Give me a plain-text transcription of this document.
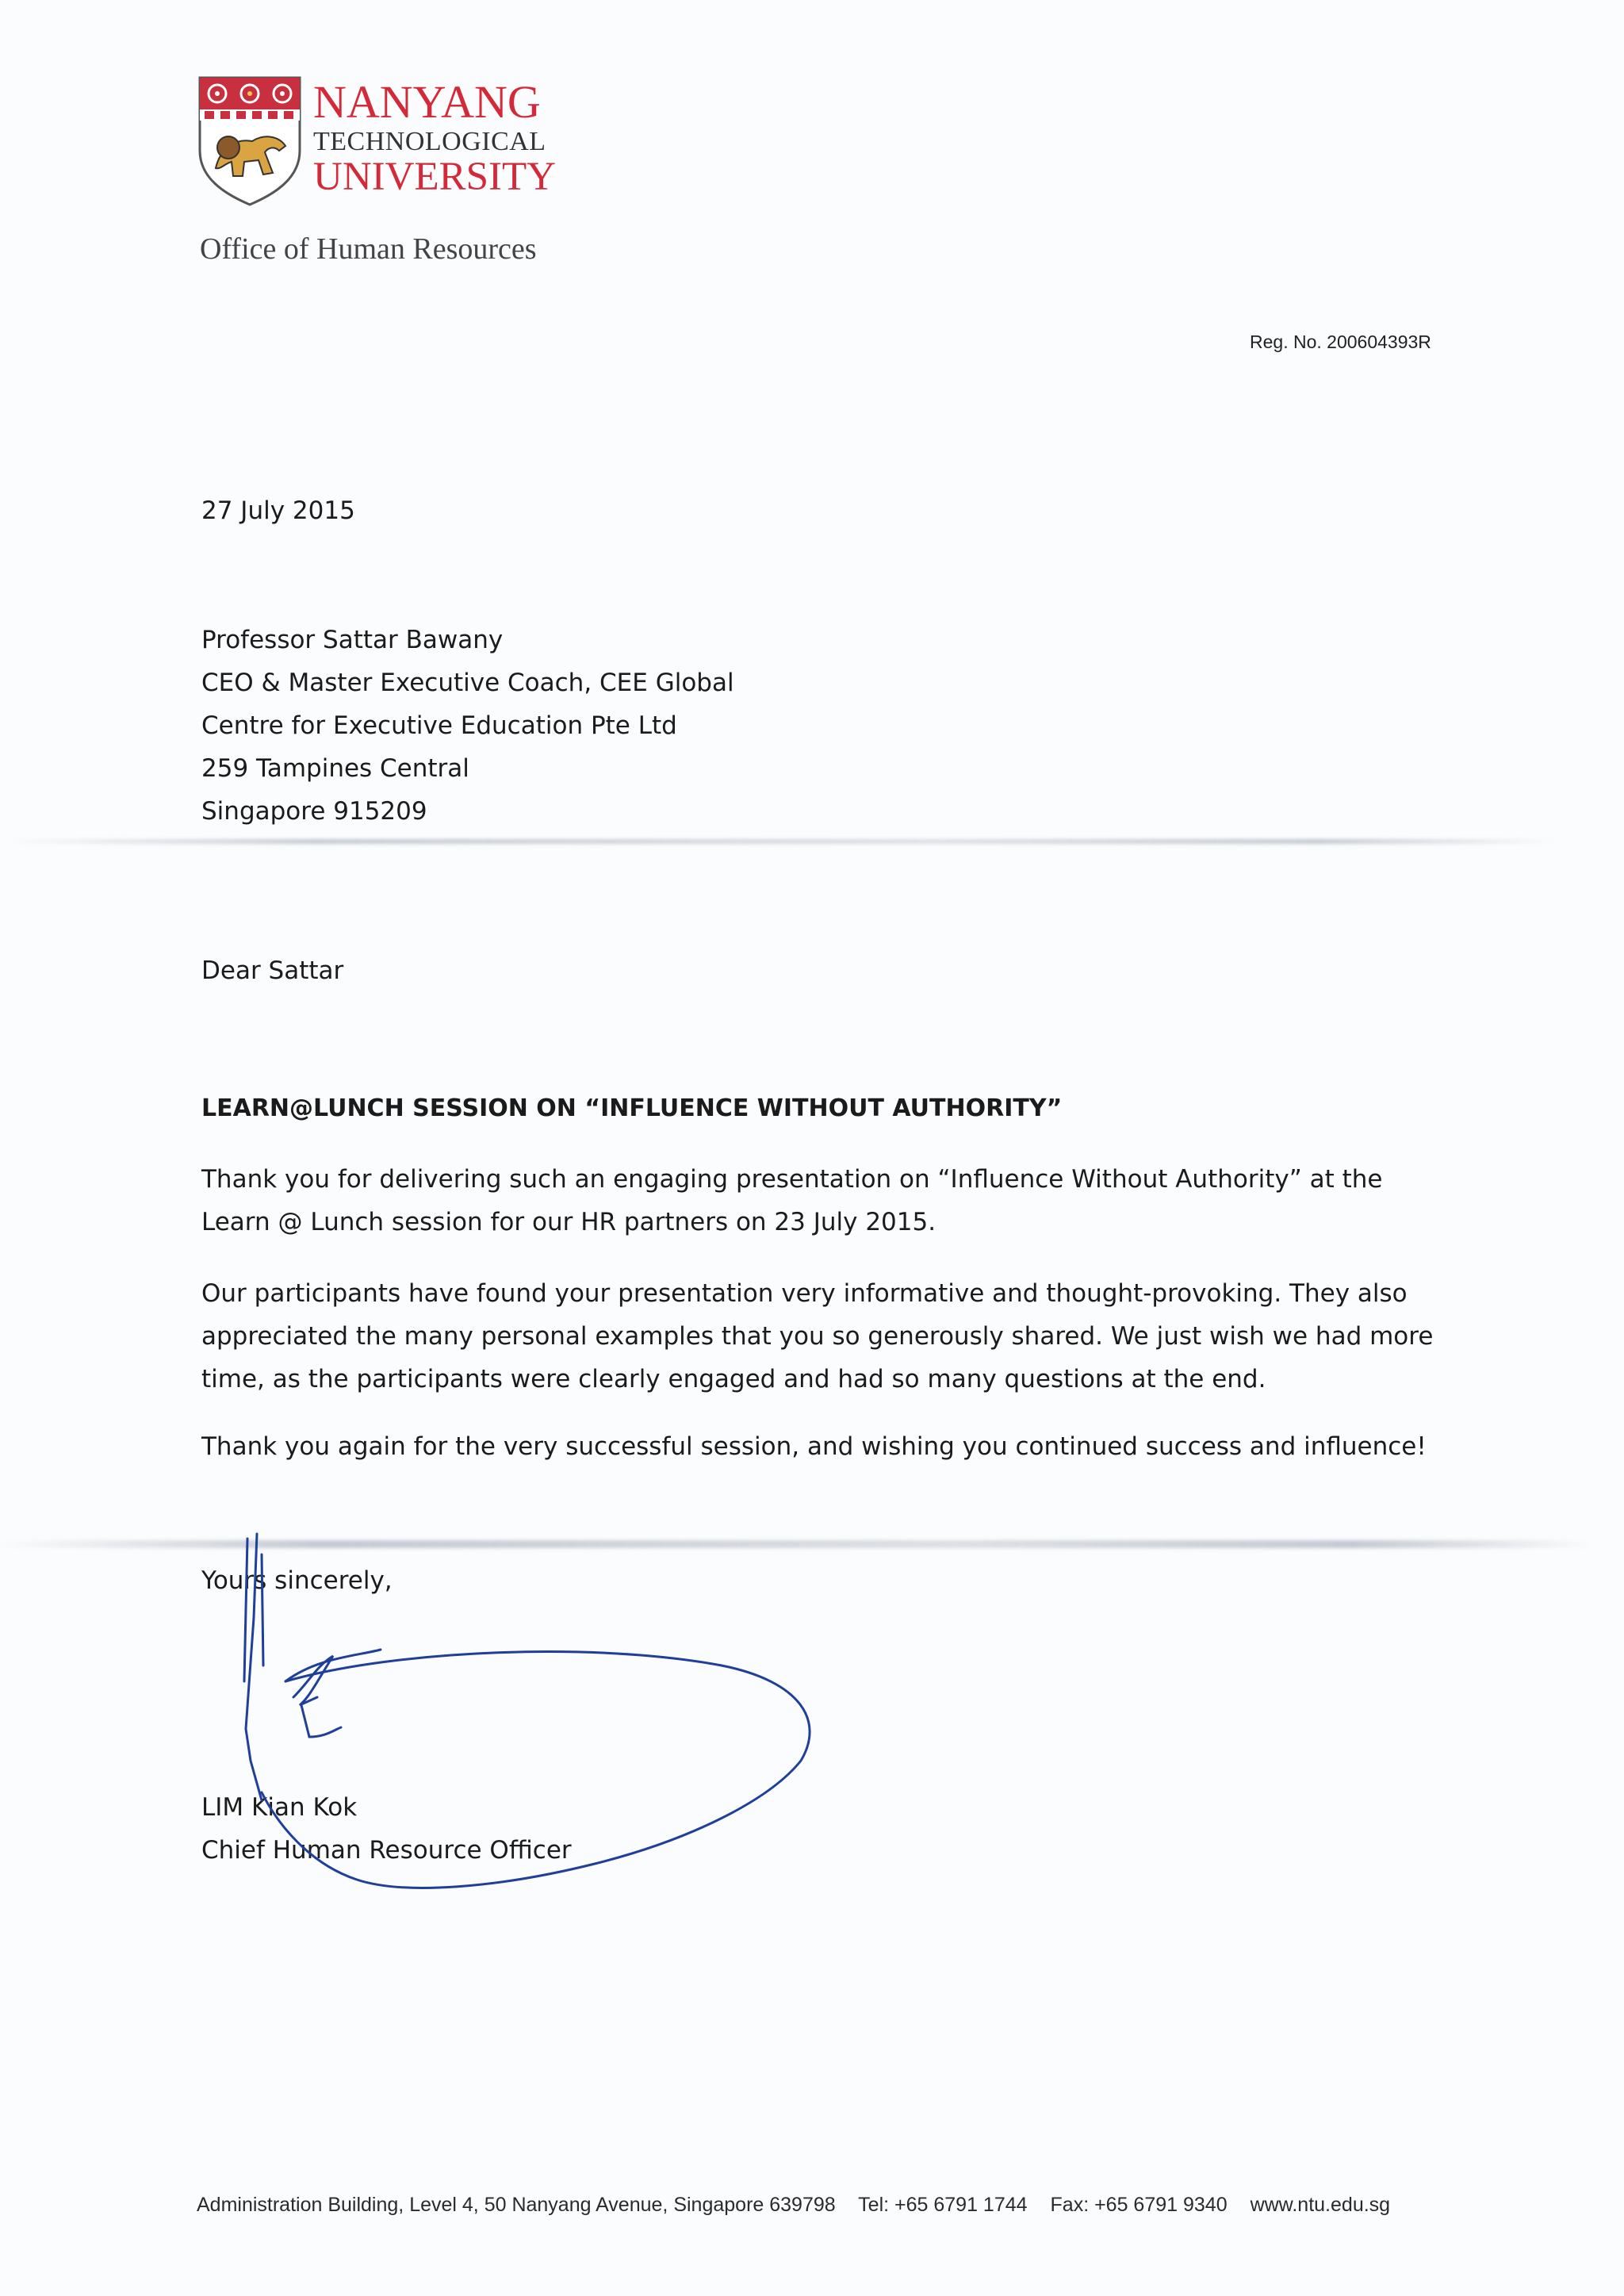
NANYANG
TECHNOLOGICAL
UNIVERSITY
Office of Human Resources
Reg. No. 200604393R
27 July 2015
Professor Sattar Bawany
CEO & Master Executive Coach, CEE Global
Centre for Executive Education Pte Ltd
259 Tampines Central
Singapore 915209
Dear Sattar
LEARN@LUNCH SESSION ON “INFLUENCE WITHOUT AUTHORITY”
Thank you for delivering such an engaging presentation on “Influence Without Authority” at the
Learn @ Lunch session for our HR partners on 23 July 2015.
Our participants have found your presentation very informative and thought-provoking. They also
appreciated the many personal examples that you so generously shared. We just wish we had more
time, as the participants were clearly engaged and had so many questions at the end.
Thank you again for the very successful session, and wishing you continued success and influence!
Yours sincerely,
LIM Kian Kok
Chief Human Resource Officer
Administration Building, Level 4, 50 Nanyang Avenue, Singapore 639798 Tel: +65 6791 1744 Fax: +65 6791 9340 www.ntu.edu.sg
